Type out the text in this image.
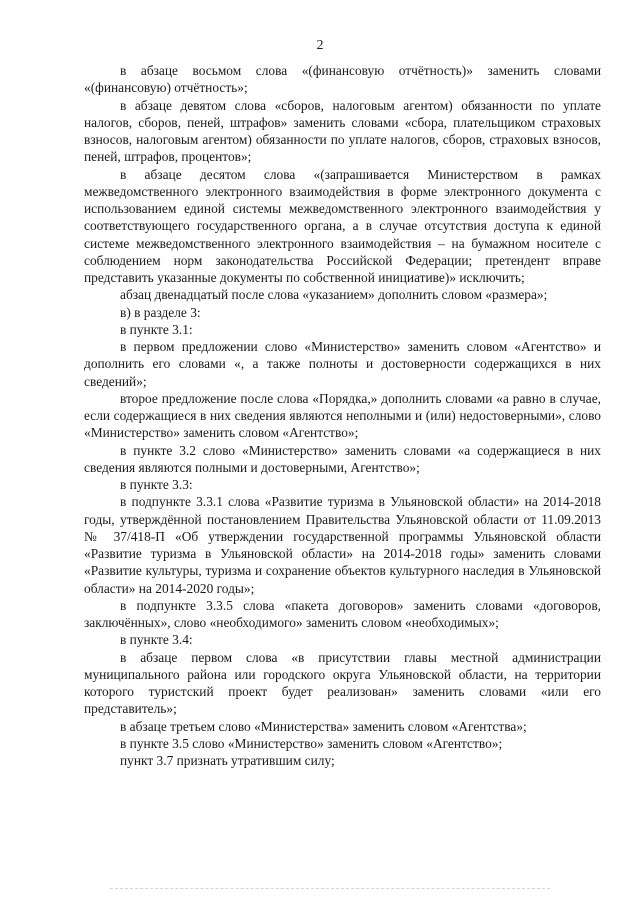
2

в абзаце восьмом слова «(финансовую отчётность)» заменить словами «(финансовую) отчётность»;

в абзаце девятом слова «сборов, налоговым агентом) обязанности по уплате налогов, сборов, пеней, штрафов» заменить словами «сбора, плательщиком страховых взносов, налоговым агентом) обязанности по уплате налогов, сборов, страховых взносов, пеней, штрафов, процентов»;

в абзаце десятом слова «(запрашивается Министерством в рамках межведомственного электронного взаимодействия в форме электронного документа с использованием единой системы межведомственного электронного взаимодействия у соответствующего государственного органа, а в случае отсутствия доступа к единой системе межведомственного электронного взаимодействия – на бумажном носителе с соблюдением норм законодательства Российской Федерации; претендент вправе представить указанные документы по собственной инициативе)» исключить;

абзац двенадцатый после слова «указанием» дополнить словом «размера»;

в) в разделе 3:

в пункте 3.1:

в первом предложении слово «Министерство» заменить словом «Агентство» и дополнить его словами «, а также полноты и достоверности содержащихся в них сведений»;

второе предложение после слова «Порядка,» дополнить словами «а равно в случае, если содержащиеся в них сведения являются неполными и (или) недостоверными», слово «Министерство» заменить словом «Агентство»;

в пункте 3.2 слово «Министерство» заменить словами «а содержащиеся в них сведения являются полными и достоверными, Агентство»;

в пункте 3.3:

в подпункте 3.3.1 слова «Развитие туризма в Ульяновской области» на 2014-2018 годы, утверждённой постановлением Правительства Ульяновской области от 11.09.2013 № 37/418-П «Об утверждении государственной программы Ульяновской области «Развитие туризма в Ульяновской области» на 2014-2018 годы» заменить словами «Развитие культуры, туризма и сохранение объектов культурного наследия в Ульяновской области» на 2014-2020 годы»;

в подпункте 3.3.5 слова «пакета договоров» заменить словами «договоров, заключённых», слово «необходимого» заменить словом «необходимых»;

в пункте 3.4:

в абзаце первом слова «в присутствии главы местной администрации муниципального района или городского округа Ульяновской области, на территории которого туристский проект будет реализован» заменить словами «или его представитель»;

в абзаце третьем слово «Министерства» заменить словом «Агентства»;

в пункте 3.5 слово «Министерство» заменить словом «Агентство»;

пункт 3.7 признать утратившим силу;
